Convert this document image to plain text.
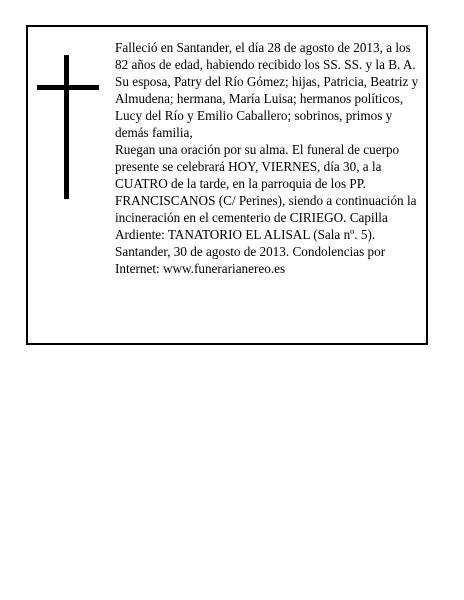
Falleció en Santander, el día 28 de agosto de 2013, a los 82 años de edad, habiendo recibido los SS. SS. y la B. A.

Su esposa, Patry del Río Gómez; hijas, Patricia, Beatriz y Almudena; hermana, María Luisa; hermanos políticos, Lucy del Río y Emilio Caballero; sobrinos, primos y demás familia,

Ruegan una oración por su alma. El funeral de cuerpo presente se celebrará HOY, VIERNES, día 30, a la CUATRO de la tarde, en la parroquia de los PP. FRANCISCANOS (C/ Perines), siendo a continuación la incineración en el cementerio de CIRIEGO. Capilla Ardiente: TANATORIO EL ALISAL (Sala nº. 5).

Santander, 30 de agosto de 2013. Condolencias por Internet: www.funerarianereo.es
